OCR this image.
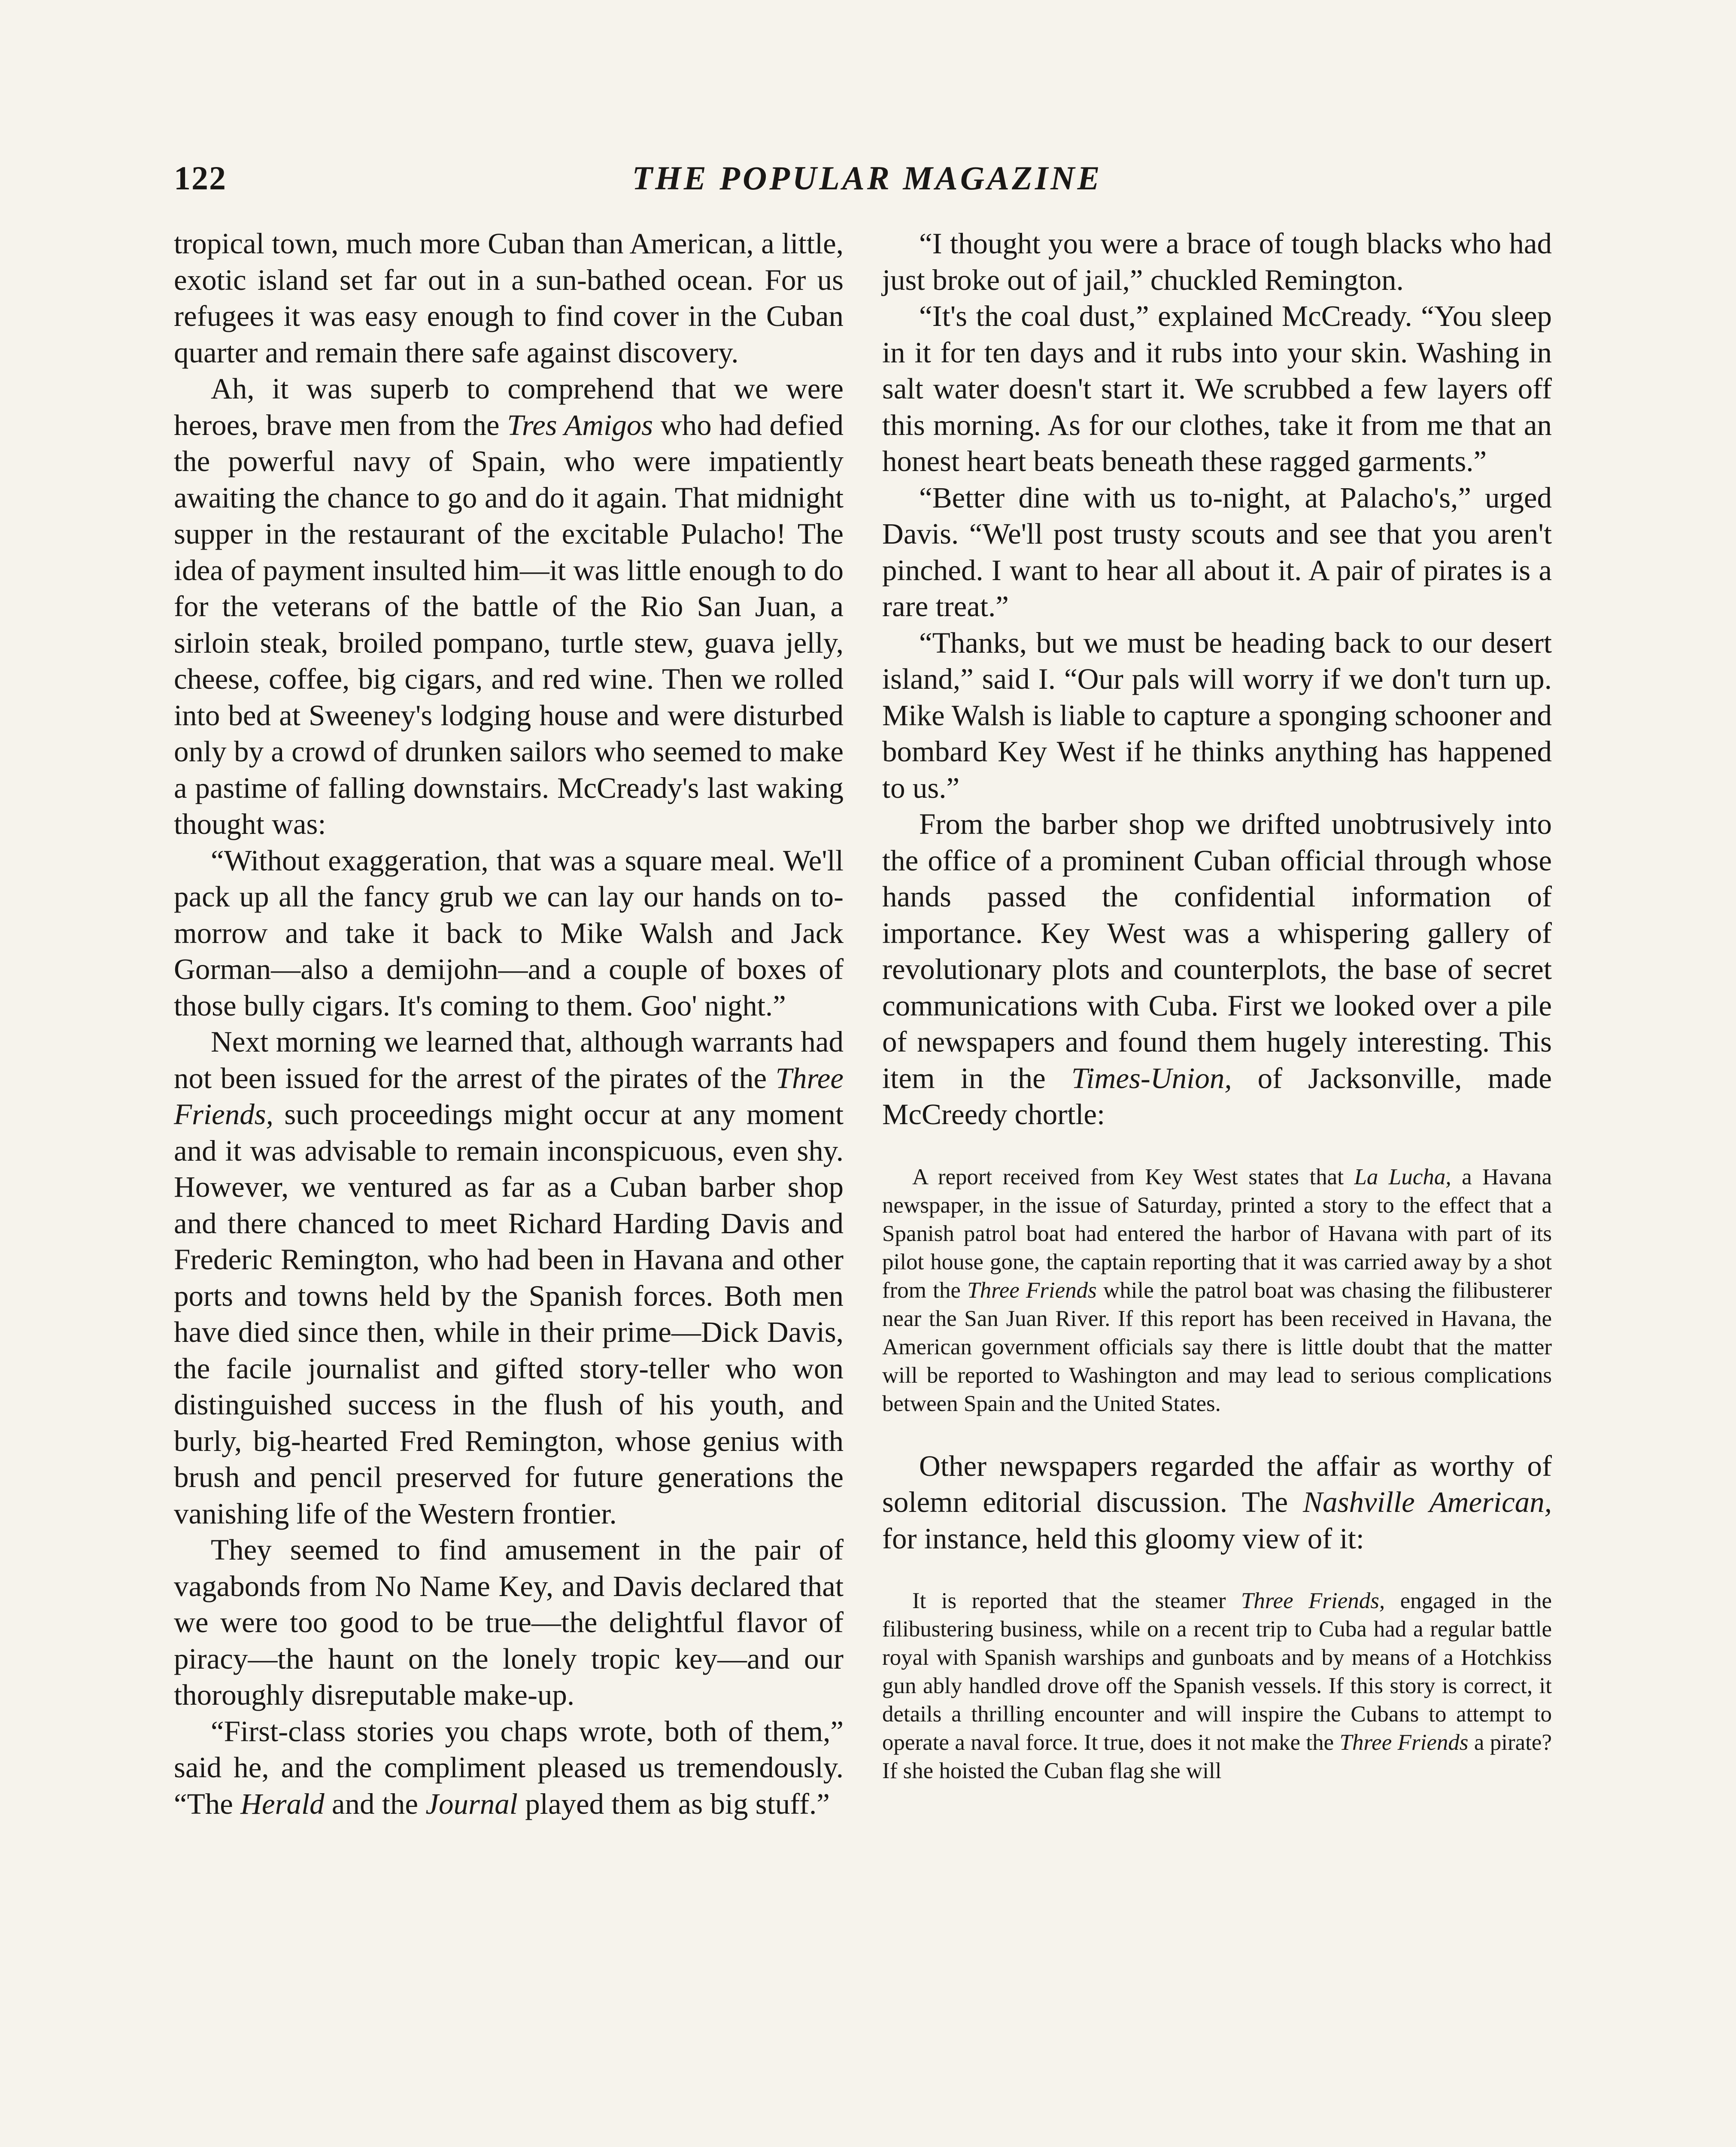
122	THE POPULAR MAGAZINE

tropical town, much more Cuban than American, a little, exotic island set far out in a sun-bathed ocean. For us refugees it was easy enough to find cover in the Cuban quarter and remain there safe against discovery.

Ah, it was superb to comprehend that we were heroes, brave men from the Tres Amigos who had defied the powerful navy of Spain, who were impatiently awaiting the chance to go and do it again. That midnight supper in the restaurant of the excitable Pulacho! The idea of payment insulted him—it was little enough to do for the veterans of the battle of the Rio San Juan, a sirloin steak, broiled pompano, turtle stew, guava jelly, cheese, coffee, big cigars, and red wine. Then we rolled into bed at Sweeney's lodging house and were disturbed only by a crowd of drunken sailors who seemed to make a pastime of falling downstairs. McCready's last waking thought was:

“Without exaggeration, that was a square meal. We'll pack up all the fancy grub we can lay our hands on to-morrow and take it back to Mike Walsh and Jack Gorman—also a demijohn—and a couple of boxes of those bully cigars. It's coming to them. Goo' night.”

Next morning we learned that, although warrants had not been issued for the arrest of the pirates of the Three Friends, such proceedings might occur at any moment and it was advisable to remain inconspicuous, even shy. However, we ventured as far as a Cuban barber shop and there chanced to meet Richard Harding Davis and Frederic Remington, who had been in Havana and other ports and towns held by the Spanish forces. Both men have died since then, while in their prime—Dick Davis, the facile journalist and gifted story-teller who won distinguished success in the flush of his youth, and burly, big-hearted Fred Remington, whose genius with brush and pencil preserved for future generations the vanishing life of the Western frontier.

They seemed to find amusement in the pair of vagabonds from No Name Key, and Davis declared that we were too good to be true—the delightful flavor of piracy—the haunt on the lonely tropic key—and our thoroughly disreputable make-up.

“First-class stories you chaps wrote, both of them,” said he, and the compliment pleased us tremendously. “The Herald and the Journal played them as big stuff.”

“I thought you were a brace of tough blacks who had just broke out of jail,” chuckled Remington.

“It's the coal dust,” explained McCready. “You sleep in it for ten days and it rubs into your skin. Washing in salt water doesn't start it. We scrubbed a few layers off this morning. As for our clothes, take it from me that an honest heart beats beneath these ragged garments.”

“Better dine with us to-night, at Palacho's,” urged Davis. “We'll post trusty scouts and see that you aren't pinched. I want to hear all about it. A pair of pirates is a rare treat.”

“Thanks, but we must be heading back to our desert island,” said I. “Our pals will worry if we don't turn up. Mike Walsh is liable to capture a sponging schooner and bombard Key West if he thinks anything has happened to us.”

From the barber shop we drifted unobtrusively into the office of a prominent Cuban official through whose hands passed the confidential information of importance. Key West was a whispering gallery of revolutionary plots and counterplots, the base of secret communications with Cuba. First we looked over a pile of newspapers and found them hugely interesting. This item in the Times-Union, of Jacksonville, made McCreedy chortle:

A report received from Key West states that La Lucha, a Havana newspaper, in the issue of Saturday, printed a story to the effect that a Spanish patrol boat had entered the harbor of Havana with part of its pilot house gone, the captain reporting that it was carried away by a shot from the Three Friends while the patrol boat was chasing the filibusterer near the San Juan River. If this report has been received in Havana, the American government officials say there is little doubt that the matter will be reported to Washington and may lead to serious complications between Spain and the United States.

Other newspapers regarded the affair as worthy of solemn editorial discussion. The Nashville American, for instance, held this gloomy view of it:

It is reported that the steamer Three Friends, engaged in the filibustering business, while on a recent trip to Cuba had a regular battle royal with Spanish warships and gunboats and by means of a Hotchkiss gun ably handled drove off the Spanish vessels. If this story is correct, it details a thrilling encounter and will inspire the Cubans to attempt to operate a naval force. It true, does it not make the Three Friends a pirate? If she hoisted the Cuban flag she will
